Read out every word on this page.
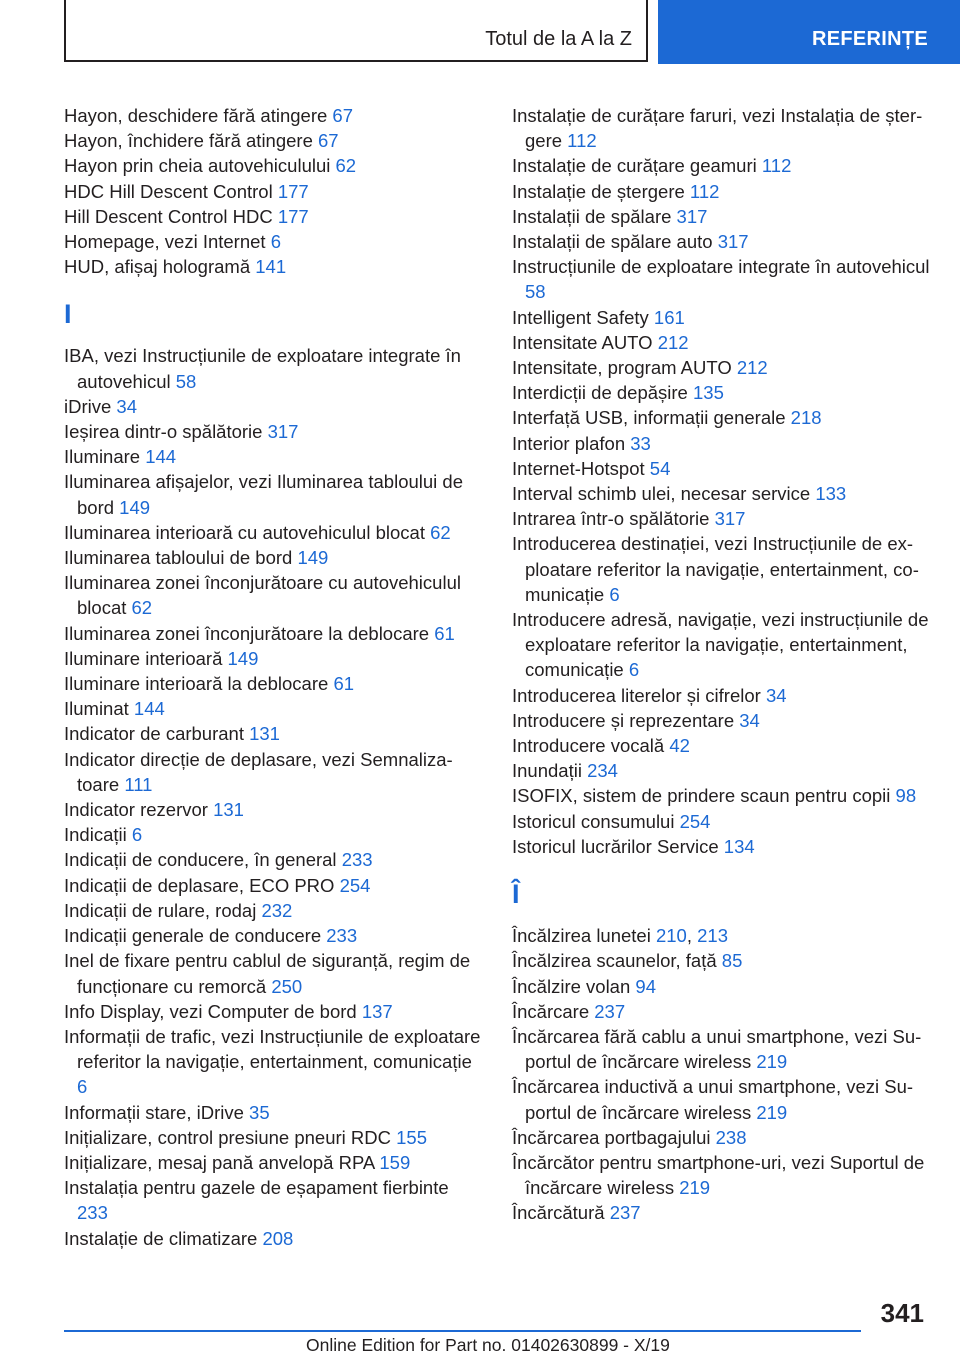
Totul de la A la Z	REFERINȚE
Hayon, deschidere fără atingere 67
Hayon, închidere fără atingere 67
Hayon prin cheia autovehiculului 62
HDC Hill Descent Control 177
Hill Descent Control HDC 177
Homepage, vezi Internet 6
HUD, afișaj hologramă 141
I
IBA, vezi Instrucțiunile de exploatare integrate în autovehicul 58
iDrive 34
Ieșirea dintr-o spălătorie 317
Iluminare 144
Iluminarea afișajelor, vezi Iluminarea tabloului de bord 149
Iluminarea interioară cu autovehiculul blocat 62
Iluminarea tabloului de bord 149
Iluminarea zonei înconjurătoare cu autovehiculul blocat 62
Iluminarea zonei înconjurătoare la deblocare 61
Iluminare interioară 149
Iluminare interioară la deblocare 61
Iluminat 144
Indicator de carburant 131
Indicator direcție de deplasare, vezi Semnalizatoare 111
Indicator rezervor 131
Indicații 6
Indicații de conducere, în general 233
Indicații de deplasare, ECO PRO 254
Indicații de rulare, rodaj 232
Indicații generale de conducere 233
Inel de fixare pentru cablul de siguranță, regim de funcționare cu remorcă 250
Info Display, vezi Computer de bord 137
Informații de trafic, vezi Instrucțiunile de exploatare referitor la navigație, entertainment, comunicație 6
Informații stare, iDrive 35
Inițializare, control presiune pneuri RDC 155
Inițializare, mesaj pană anvelopă RPA 159
Instalația pentru gazele de eșapament fierbinte 233
Instalație de climatizare 208
Instalație de curățare faruri, vezi Instalația de ștergere 112
Instalație de curățare geamuri 112
Instalație de ștergere 112
Instalații de spălare 317
Instalații de spălare auto 317
Instrucțiunile de exploatare integrate în autovehicul 58
Intelligent Safety 161
Intensitate AUTO 212
Intensitate, program AUTO 212
Interdicții de depășire 135
Interfață USB, informații generale 218
Interior plafon 33
Internet-Hotspot 54
Interval schimb ulei, necesar service 133
Intrarea într-o spălătorie 317
Introducerea destinației, vezi Instrucțiunile de exploatare referitor la navigație, entertainment, comunicație 6
Introducere adresă, navigație, vezi instrucțiunile de exploatare referitor la navigație, entertainment, comunicație 6
Introducerea literelor și cifrelor 34
Introducere și reprezentare 34
Introducere vocală 42
Inundații 234
ISOFIX, sistem de prindere scaun pentru copii 98
Istoricul consumului 254
Istoricul lucrărilor Service 134
Î
Încălzirea lunetei 210, 213
Încălzirea scaunelor, față 85
Încălzire volan 94
Încărcare 237
Încărcarea fără cablu a unui smartphone, vezi Suportul de încărcare wireless 219
Încărcarea inductivă a unui smartphone, vezi Suportul de încărcare wireless 219
Încărcarea portbagajului 238
Încărcător pentru smartphone-uri, vezi Suportul de încărcare wireless 219
Încărcătură 237
341
Online Edition for Part no. 01402630899 - X/19
